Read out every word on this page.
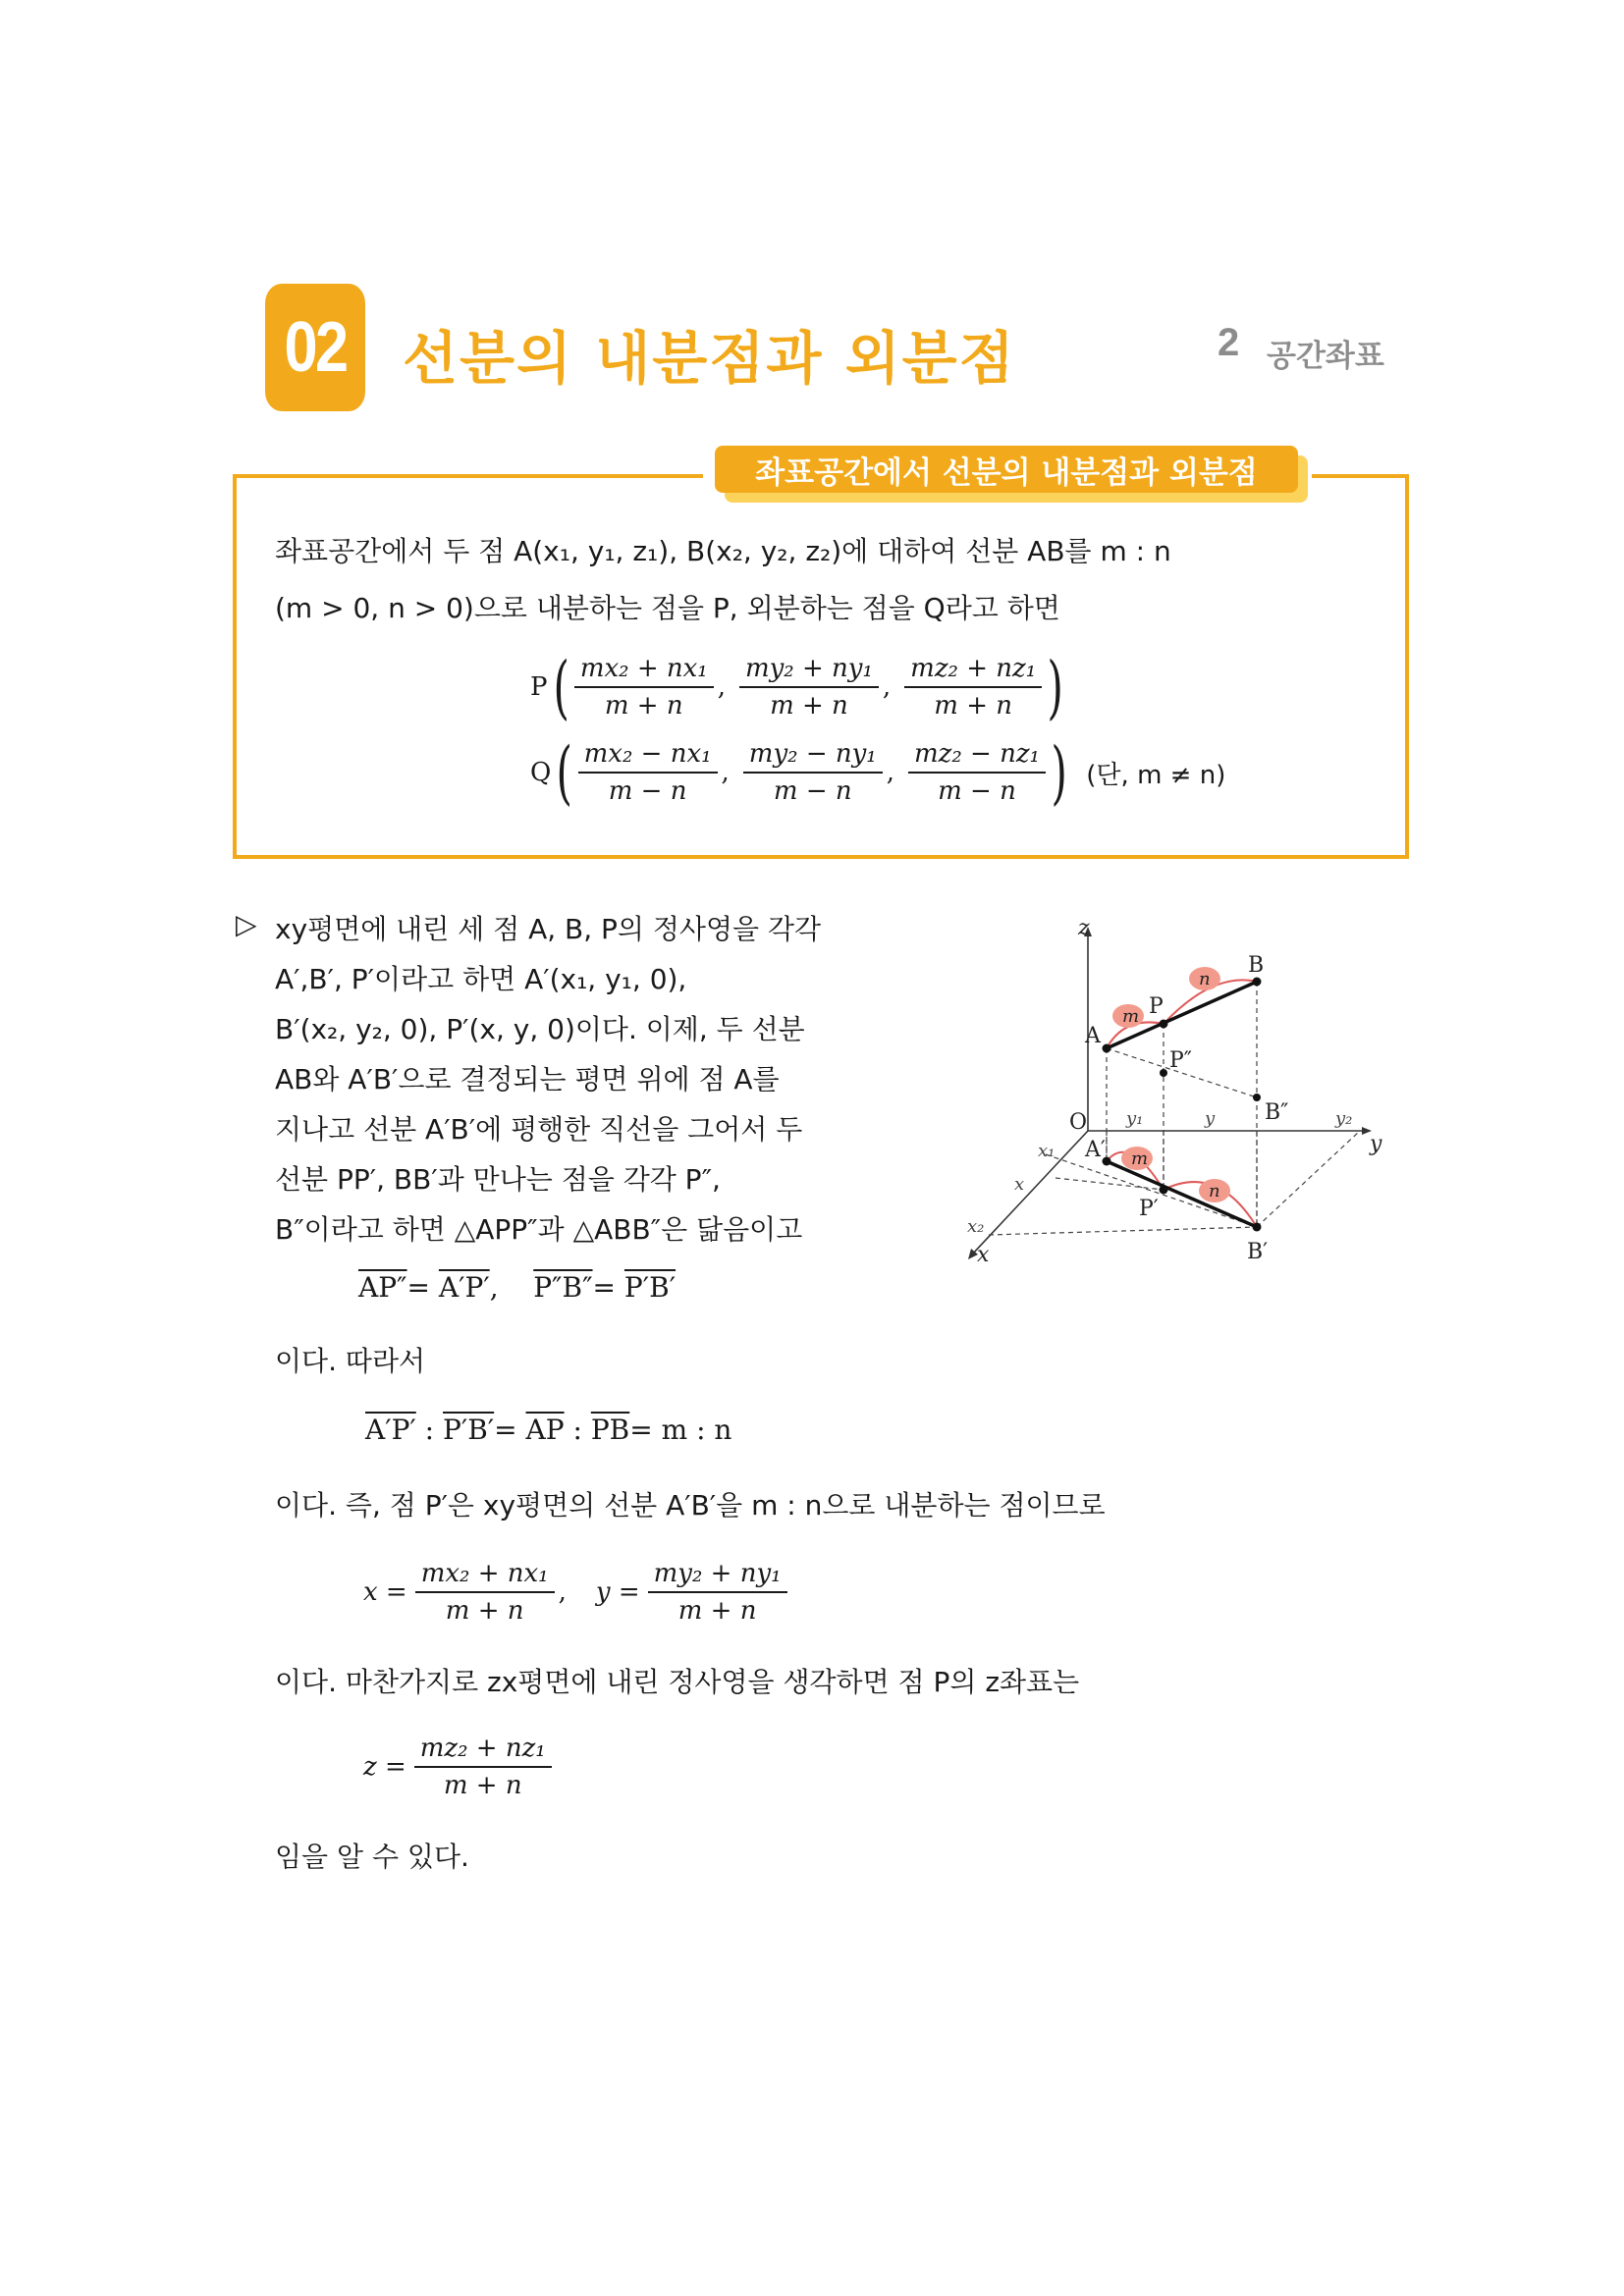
02 선분의 내분점과 외분점	2 공간좌표
좌표공간에서 선분의 내분점과 외분점
좌표공간에서 두 점 A(x₁, y₁, z₁), B(x₂, y₂, z₂)에 대하여 선분 AB를 m : n
(m > 0, n > 0)으로 내분하는 점을 P, 외분하는 점을 Q라고 하면
P ( $\frac{\text{mx₂ + nx₁}}{m + n}$ , $\frac{\text{my₂ + ny₁}}{m + n}$ , $\frac{\text{mz₂ + nz₁}}{m + n}$ )
Q ( $\frac{\text{mx₂ − nx₁}}{m - n}$ , $\frac{\text{my₂ − ny₁}}{m - n}$ , $\frac{\text{mz₂ − nz₁}}{m - n}$ ) (단, m ≠ n)
▷ xy평면에 내린 세 점 A, B, P의 정사영을 각각
A′,B′, P′이라고 하면 A′(x₁, y₁, 0),
B′(x₂, y₂, 0), P′(x, y, 0)이다. 이제, 두 선분
AB와 A′B′으로 결정되는 평면 위에 점 A를
지나고 선분 A′B′에 평행한 직선을 그어서 두
선분 PP′, BB′과 만나는 점을 각각 P″,
B″이라고 하면 △APP″과 △ABB″은 닮음이고
AP″= A′P′,    P″B″= P′B′
이다. 따라서
A′P′ : $P'B'= \overline{AP}$ : $\overline{PB}= m$ : n
이다. 즉, 점 P′은 xy평면의 선분 A′B′을 m : n으로 내분하는 점이므로
$x = \frac{\text{mx₂ + nx₁}}{m + n}$ , $y = \frac{\text{my₂ + ny₁}}{m + n}$
이다. 마찬가지로 zx평면에 내린 정사영을 생각하면 점 P의 z좌표는
$z = \frac{\text{mz₂ + nz₁}}{m + n}$
임을 알 수 있다.
z
y
x
O
A
P
B
P″
B″
A′
P′
B′
x₁
x₂
x
y₁	y	y₂
m
n
m
n
